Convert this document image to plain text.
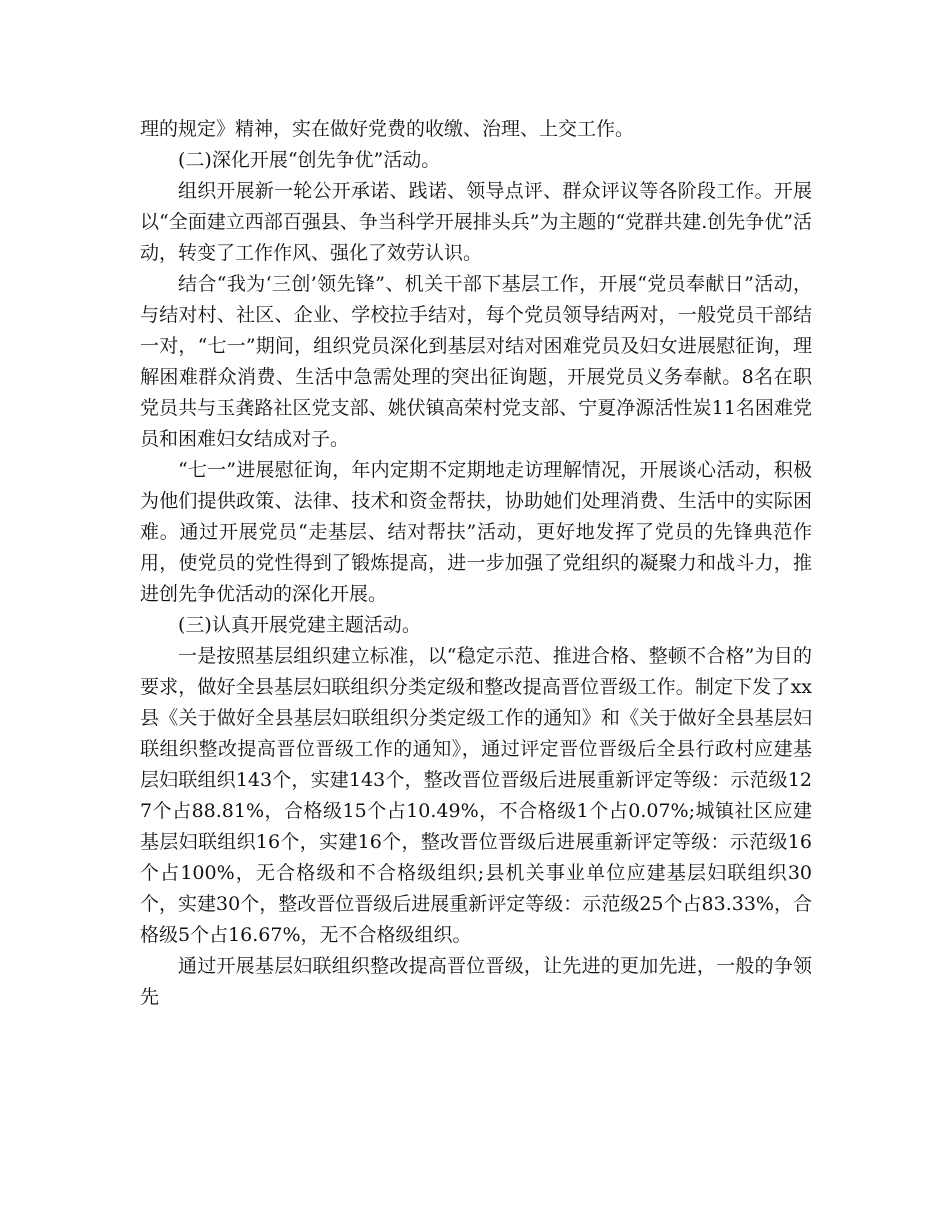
理的规定》精神，实在做好党费的收缴、治理、上交工作。

(二)深化开展“创先争优”活动。

组织开展新一轮公开承诺、践诺、领导点评、群众评议等各阶段工作。开展以“全面建立西部百强县、争当科学开展排头兵”为主题的“党群共建.创先争优”活动，转变了工作作风、强化了效劳认识。

结合“我为‘三创’领先锋”、机关干部下基层工作，开展“党员奉献日”活动，与结对村、社区、企业、学校拉手结对，每个党员领导结两对，一般党员干部结一对，“七一”期间，组织党员深化到基层对结对困难党员及妇女进展慰征询，理解困难群众消费、生活中急需处理的突出征询题，开展党员义务奉献。8名在职党员共与玉龚路社区党支部、姚伏镇高荣村党支部、宁夏净源活性炭11名困难党员和困难妇女结成对子。

“七一”进展慰征询，年内定期不定期地走访理解情况，开展谈心活动，积极为他们提供政策、法律、技术和资金帮扶，协助她们处理消费、生活中的实际困难。通过开展党员“走基层、结对帮扶”活动，更好地发挥了党员的先锋典范作用，使党员的党性得到了锻炼提高，进一步加强了党组织的凝聚力和战斗力，推进创先争优活动的深化开展。

(三)认真开展党建主题活动。

一是按照基层组织建立标准，以“稳定示范、推进合格、整顿不合格”为目的要求，做好全县基层妇联组织分类定级和整改提高晋位晋级工作。制定下发了xx县《关于做好全县基层妇联组织分类定级工作的通知》和《关于做好全县基层妇联组织整改提高晋位晋级工作的通知》，通过评定晋位晋级后全县行政村应建基层妇联组织143个，实建143个，整改晋位晋级后进展重新评定等级：示范级127个占88.81%，合格级15个占10.49%，不合格级1个占0.07%;城镇社区应建基层妇联组织16个，实建16个，整改晋位晋级后进展重新评定等级：示范级16个占100%，无合格级和不合格级组织;县机关事业单位应建基层妇联组织30个，实建30个，整改晋位晋级后进展重新评定等级：示范级25个占83.33%，合格级5个占16.67%，无不合格级组织。

通过开展基层妇联组织整改提高晋位晋级，让先进的更加先进，一般的争领先
